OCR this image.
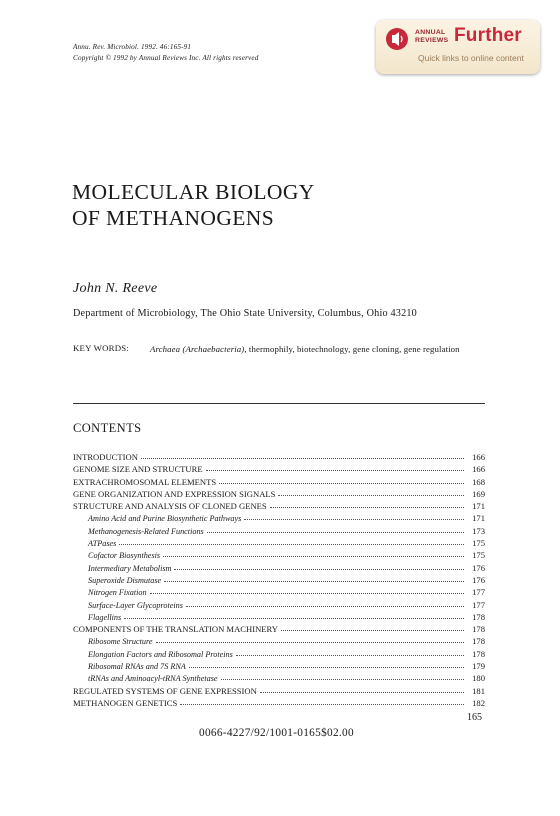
Annu. Rev. Microbiol. 1992. 46:165-91
Copyright © 1992 by Annual Reviews Inc. All rights reserved
ANNUAL
REVIEWS Further
Quick links to online content
MOLECULAR BIOLOGY
OF METHANOGENS
John N. Reeve
Department of Microbiology, The Ohio State University, Columbus, Ohio 43210
KEY WORDS: Archaea (Archaebacteria), thermophily, biotechnology, gene cloning, gene regulation
CONTENTS
INTRODUCTION	166
GENOME SIZE AND STRUCTURE	166
EXTRACHROMOSOMAL ELEMENTS	168
GENE ORGANIZATION AND EXPRESSION SIGNALS	169
STRUCTURE AND ANALYSIS OF CLONED GENES	171
Amino Acid and Purine Biosynthetic Pathways	171
Methanogenesis-Related Functions	173
ATPases	175
Cofactor Biosynthesis	175
Intermediary Metabolism	176
Superoxide Dismutase	176
Nitrogen Fixation	177
Surface-Layer Glycoproteins	177
Flagellins	178
COMPONENTS OF THE TRANSLATION MACHINERY	178
Ribosome Structure	178
Elongation Factors and Ribosomal Proteins	178
Ribosomal RNAs and 7S RNA	179
tRNAs and Aminoacyl-tRNA Synthetase	180
REGULATED SYSTEMS OF GENE EXPRESSION	181
METHANOGEN GENETICS	182
165
0066-4227/92/1001-0165$02.00
